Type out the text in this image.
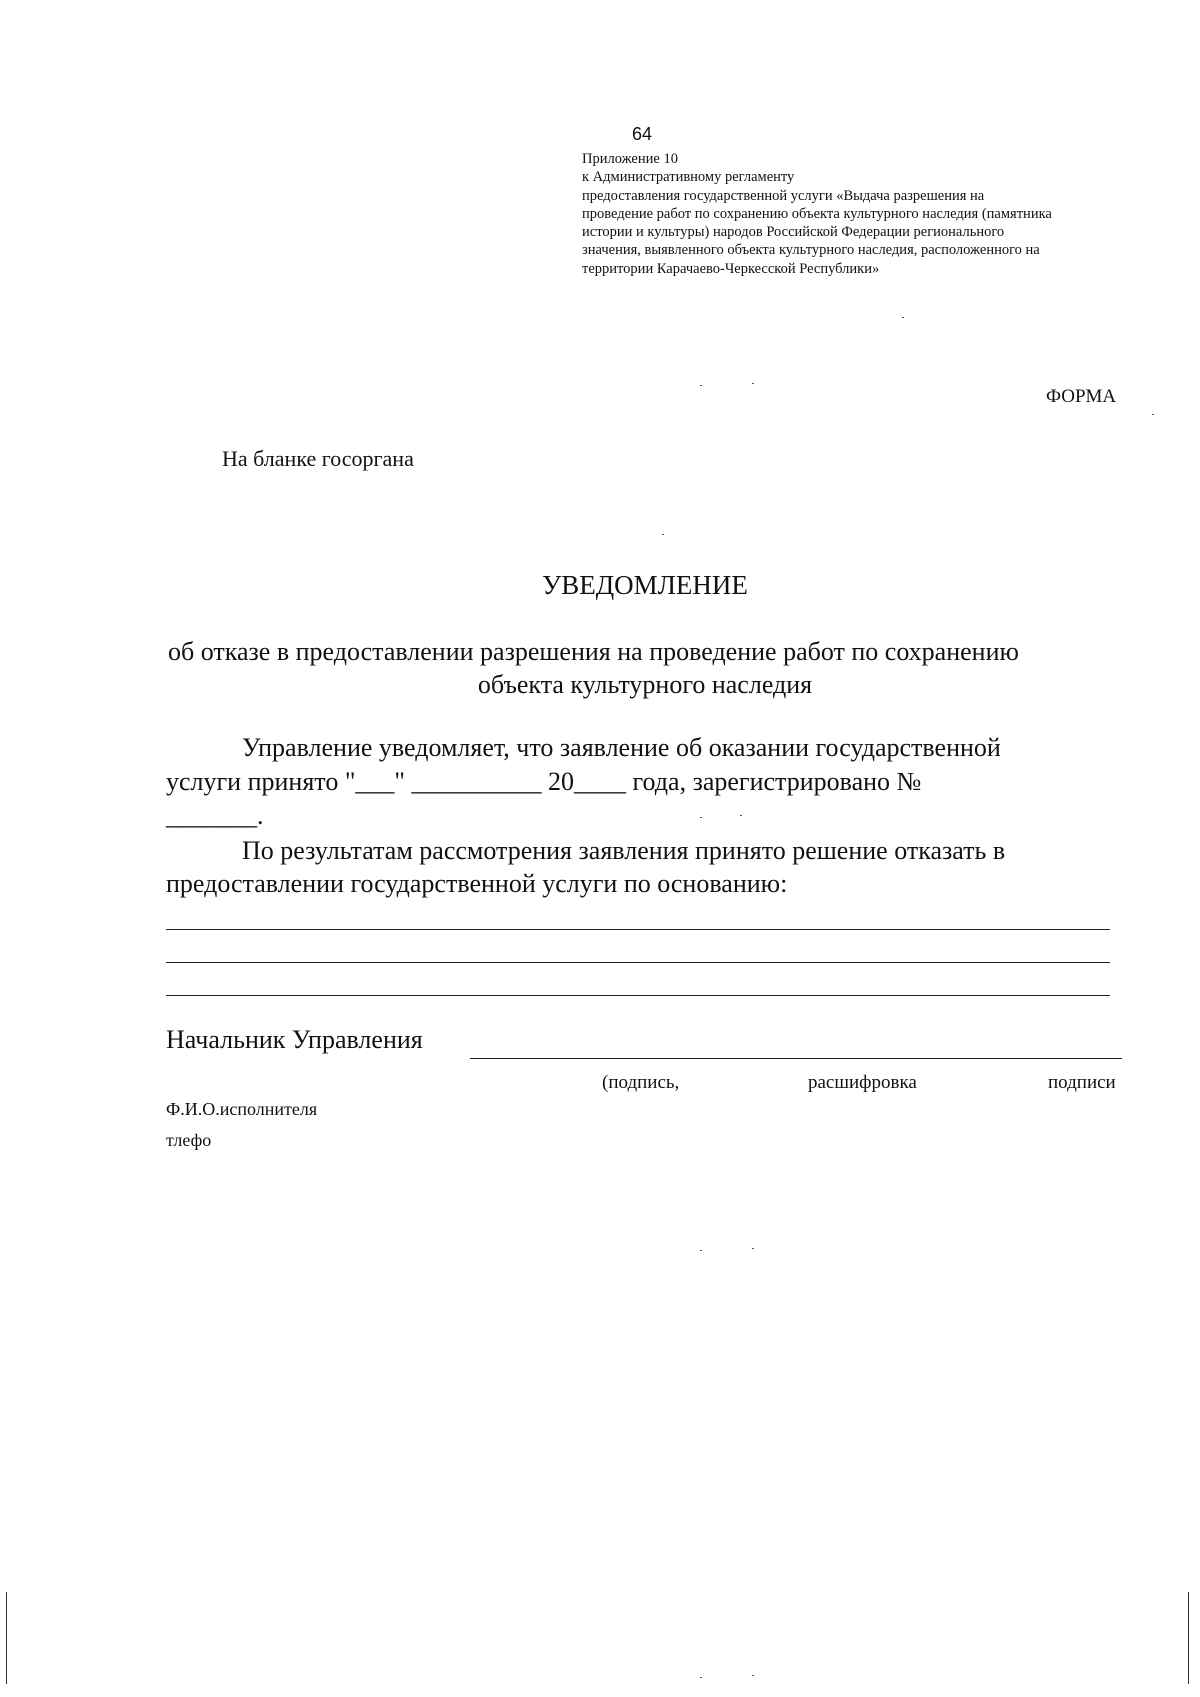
64
Приложение 10
к Административному регламенту
предоставления государственной услуги «Выдача разрешения на
проведение работ по сохранению объекта культурного наследия (памятника
истории и культуры) народов Российской Федерации регионального
значения, выявленного объекта культурного наследия, расположенного на
территории Карачаево-Черкесской Республики»
ФОРМА
На бланке госоргана
УВЕДОМЛЕНИЕ
об отказе в предоставлении разрешения на проведение работ по сохранению
объекта культурного наследия
Управление уведомляет, что заявление об оказании государственной
услуги принято "___" __________ 20____ года, зарегистрировано №
_______.
По результатам рассмотрения заявления принято решение отказать в
предоставлении государственной услуги по основанию:
Начальник Управления
(подпись,	расшифровка	подписи
Ф.И.О.исполнителя
тлефо
